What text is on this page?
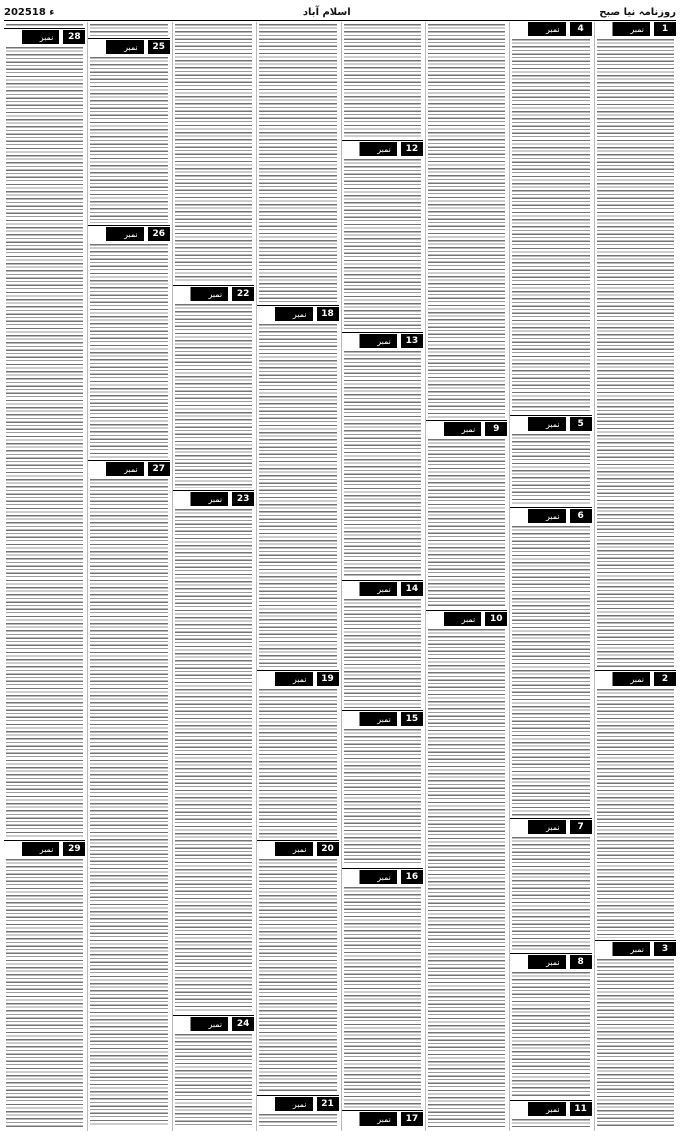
روزنامہ نیا صبح
اسلام آباد
2025ء 18
1
نمبر
2
نمبر
3
نمبر
4
نمبر
5
نمبر
6
نمبر
7
نمبر
8
نمبر
11
نمبر
9
نمبر
10
نمبر
12
نمبر
13
نمبر
14
نمبر
15
نمبر
16
نمبر
17
نمبر
18
نمبر
19
نمبر
20
نمبر
21
نمبر
22
نمبر
23
نمبر
24
نمبر
25
نمبر
26
نمبر
27
نمبر
28
نمبر
29
نمبر
